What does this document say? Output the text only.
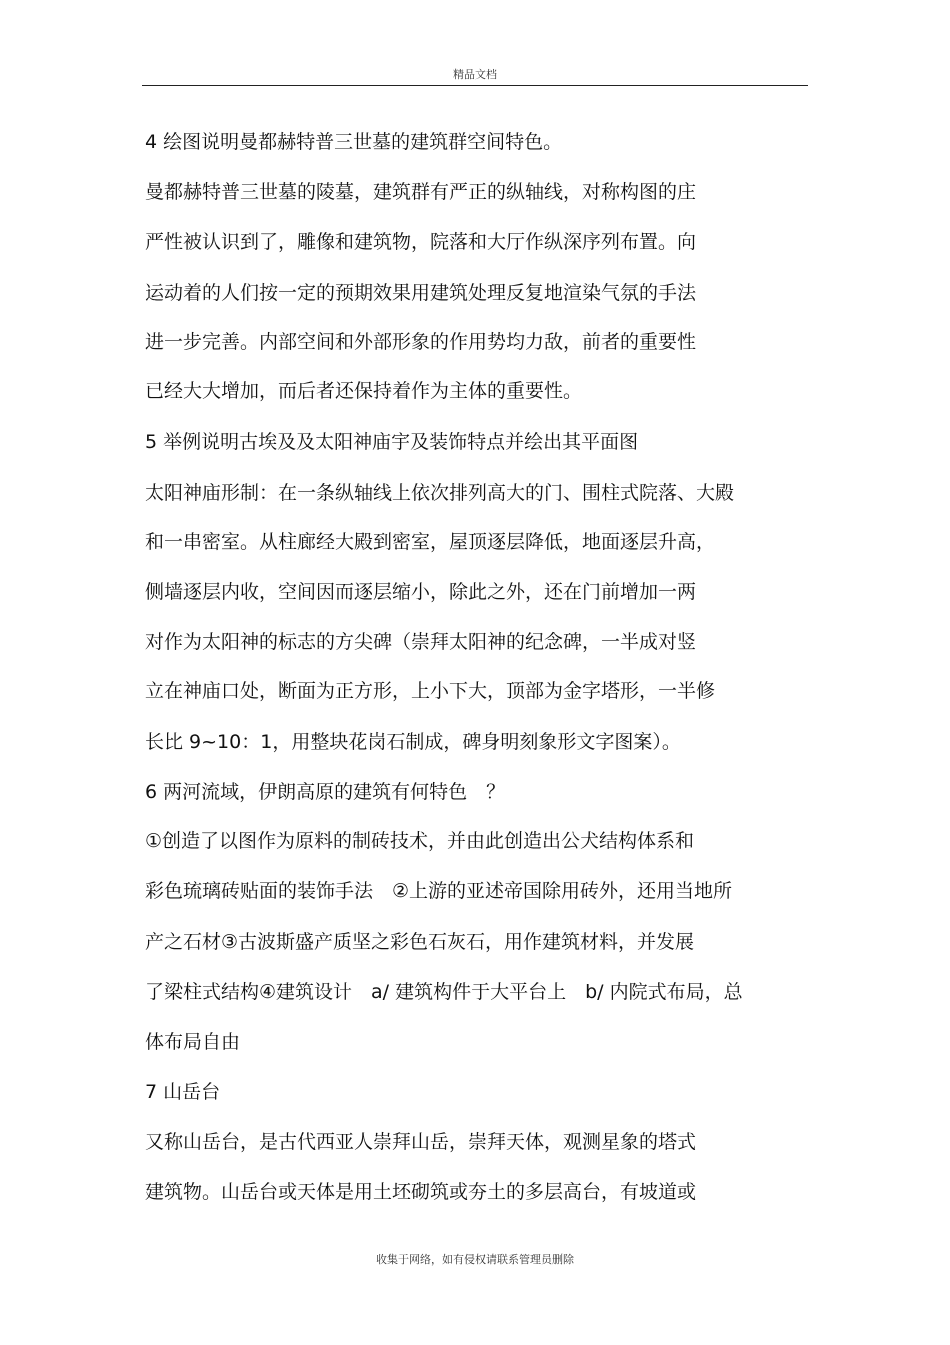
精品文档
4 绘图说明曼都赫特普三世墓的建筑群空间特色。
曼都赫特普三世墓的陵墓，建筑群有严正的纵轴线，对称构图的庄
严性被认识到了，雕像和建筑物，院落和大厅作纵深序列布置。向
运动着的人们按一定的预期效果用建筑处理反复地渲染气氛的手法
进一步完善。内部空间和外部形象的作用势均力敌，前者的重要性
已经大大增加，而后者还保持着作为主体的重要性。
5 举例说明古埃及及太阳神庙宇及装饰特点并绘出其平面图
太阳神庙形制：在一条纵轴线上依次排列高大的门、围柱式院落、大殿
和一串密室。从柱廊经大殿到密室，屋顶逐层降低，地面逐层升高，
侧墙逐层内收，空间因而逐层缩小，除此之外，还在门前增加一两
对作为太阳神的标志的方尖碑（崇拜太阳神的纪念碑，一半成对竖
立在神庙口处，断面为正方形，上小下大，顶部为金字塔形，一半修
长比 9~10：1，用整块花岗石制成，碑身明刻象形文字图案）。
6 两河流域，伊朗高原的建筑有何特色　？
①创造了以图作为原料的制砖技术，并由此创造出公犬结构体系和
彩色琉璃砖贴面的装饰手法　②上游的亚述帝国除用砖外，还用当地所
产之石材③古波斯盛产质坚之彩色石灰石，用作建筑材料，并发展
了梁柱式结构④建筑设计　a/ 建筑构件于大平台上　b/ 内院式布局，总
体布局自由
7 山岳台
又称山岳台，是古代西亚人崇拜山岳，崇拜天体，观测星象的塔式
建筑物。山岳台或天体是用土坯砌筑或夯土的多层高台，有坡道或
收集于网络，如有侵权请联系管理员删除
